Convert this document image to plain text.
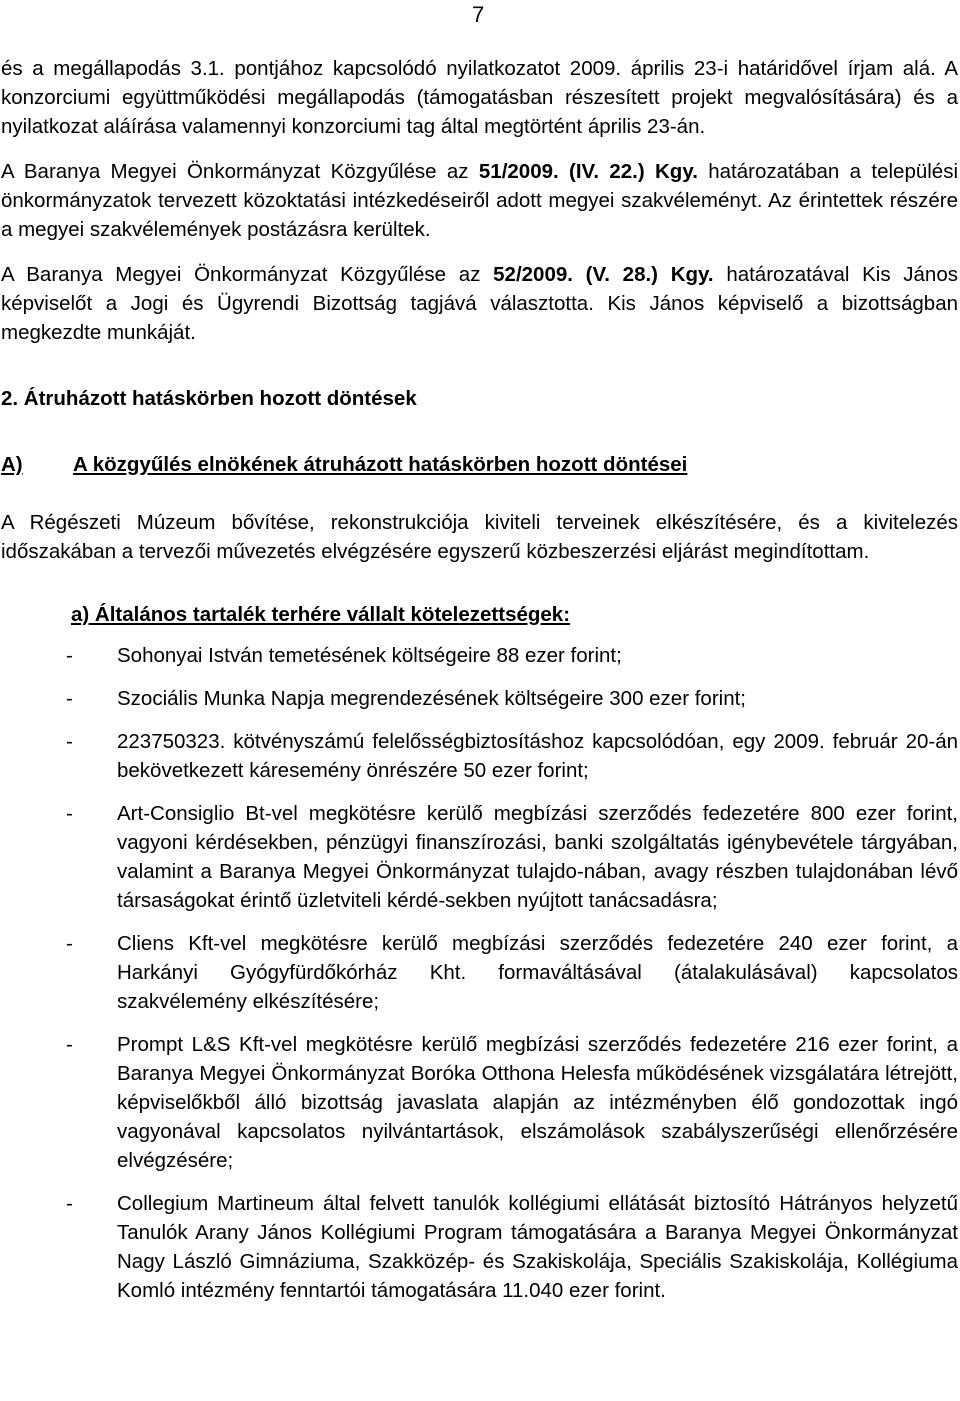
7

és a megállapodás 3.1. pontjához kapcsolódó nyilatkozatot 2009. április 23-i határidővel írjam alá. A konzorciumi együttműködési megállapodás (támogatásban részesített projekt megvalósítására) és a nyilatkozat aláírása valamennyi konzorciumi tag által megtörtént április 23-án.

A Baranya Megyei Önkormányzat Közgyűlése az 51/2009. (IV. 22.) Kgy. határozatában a települési önkormányzatok tervezett közoktatási intézkedéseiről adott megyei szakvéleményt. Az érintettek részére a megyei szakvélemények postázásra kerültek.

A Baranya Megyei Önkormányzat Közgyűlése az 52/2009. (V. 28.) Kgy. határozatával Kis János képviselőt a Jogi és Ügyrendi Bizottság tagjává választotta. Kis János képviselő a bizottságban megkezdte munkáját.

2. Átruházott hatáskörben hozott döntések

A)	A közgyűlés elnökének átruházott hatáskörben hozott döntései

A Régészeti Múzeum bővítése, rekonstrukciója kiviteli terveinek elkészítésére, és a kivitelezés időszakában a tervezői művezetés elvégzésére egyszerű közbeszerzési eljárást megindítottam.

a) Általános tartalék terhére vállalt kötelezettségek:

-	Sohonyai István temetésének költségeire 88 ezer forint;
-	Szociális Munka Napja megrendezésének költségeire 300 ezer forint;
-	223750323. kötvényszámú felelősségbiztosításhoz kapcsolódóan, egy 2009. február 20-án bekövetkezett káresemény önrészére 50 ezer forint;
-	Art-Consiglio Bt-vel megkötésre kerülő megbízási szerződés fedezetére 800 ezer forint, vagyoni kérdésekben, pénzügyi finanszírozási, banki szolgáltatás igénybevétele tárgyában, valamint a Baranya Megyei Önkormányzat tulajdo-nában, avagy részben tulajdonában lévő társaságokat érintő üzletviteli kérdé-sekben nyújtott tanácsadásra;
-	Cliens Kft-vel megkötésre kerülő megbízási szerződés fedezetére 240 ezer forint, a Harkányi Gyógyfürdőkórház Kht. formaváltásával (átalakulásával) kapcsolatos szakvélemény elkészítésére;
-	Prompt L&S Kft-vel megkötésre kerülő megbízási szerződés fedezetére 216 ezer forint, a Baranya Megyei Önkormányzat Boróka Otthona Helesfa működésének vizsgálatára létrejött, képviselőkből álló bizottság javaslata alapján az intézményben élő gondozottak ingó vagyonával kapcsolatos nyilvántartások, elszámolások szabályszerűségi ellenőrzésére elvégzésére;
-	Collegium Martineum által felvett tanulók kollégiumi ellátását biztosító Hátrányos helyzetű Tanulók Arany János Kollégiumi Program támogatására a Baranya Megyei Önkormányzat Nagy László Gimnáziuma, Szakközép- és Szakiskolája, Speciális Szakiskolája, Kollégiuma Komló intézmény fenntartói támogatására 11.040 ezer forint.
